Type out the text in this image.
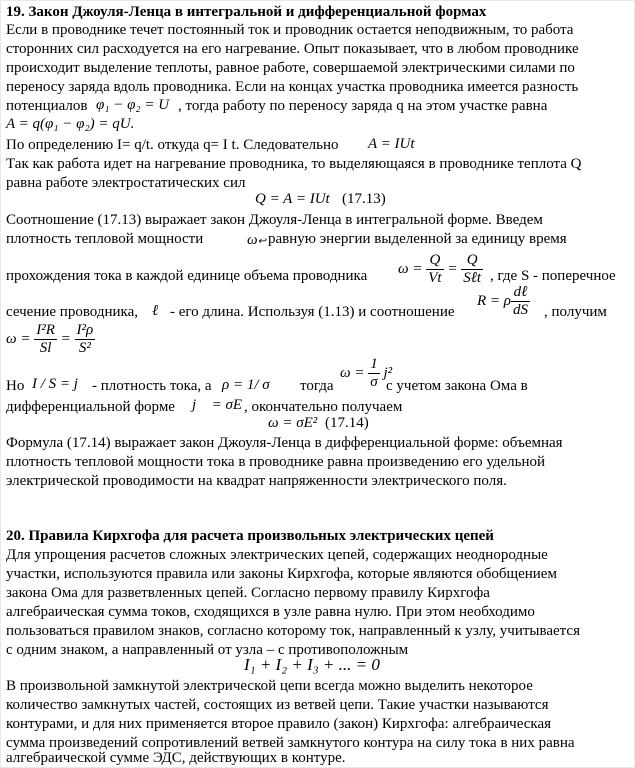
19. Закон Джоуля-Ленца в интегральной и дифференциальной формах
Если в проводнике течет постоянный ток и проводник остается неподвижным, то работа
сторонних сил расходуется на его нагревание. Опыт показывает, что в любом проводнике
происходит выделение теплоты, равное работе, совершаемой электрическими силами по
переносу заряда вдоль проводника. Если на концах участка проводника имеется разность
потенциалов φ₁ − φ₂ = U , тогда работу по переносу заряда q на этом участке равна
A = q(φ₁ − φ₂) = qU.
По определению I= q/t. откуда q= I t. Следовательно	A = IUt
Так как работа идет на нагревание проводника, то выделяющаяся в проводнике теплота Q
равна работе электростатических сил
Q = A = IUt (17.13)
Соотношение (17.13) выражает закон Джоуля-Ленца в интегральной форме. Введем
плотность тепловой мощности	ω↩ равную энергии выделенной за единицу время
прохождения тока в каждой единице объема проводника	$\omega = \frac{Q}{Vt}$ =
Q
Sℓt , где S - поперечное
R = ρ
dℓ
dS
сечение проводника, ℓ - его длина. Используя (1.13) и соотношение	, получим
$\omega = \frac{\text{I²R}}{Sl} = \frac{\text{I²ρ}}{\text{S²}}$
Но I / S = j⃗ - плотность тока, а ρ = 1/ σ тогда
$\omega = \frac{1}{\sigma} j^2$
с учетом закона Ома в
дифференциальной форме	j⃗ = σE⃗
, окончательно получаем
ω = σE² (17.14)
Формула (17.14) выражает закон Джоуля-Ленца в дифференциальной форме: объемная
плотность тепловой мощности тока в проводнике равна произведению его удельной
электрической проводимости на квадрат напряженности электрического поля.
20. Правила Кирхгофа для расчета произвольных электрических цепей
Для упрощения расчетов сложных электрических цепей, содержащих неоднородные
участки, используются правила или законы Кирхгофа, которые являются обобщением
закона Ома для разветвленных цепей. Согласно первому правилу Кирхгофа
алгебраическая сумма токов, сходящихся в узле равна нулю. При этом необходимо
пользоваться правилом знаков, согласно которому ток, направленный к узлу, учитывается
с одним знаком, а направленный от узла – с противоположным
I₁ + I₂ + I₃ + ... = 0
В произвольной замкнутой электрической цепи всегда можно выделить некоторое
количество замкнутых частей, состоящих из ветвей цепи. Такие участки называются
контурами, и для них применяется второе правило (закон) Кирхгофа: алгебраическая
сумма произведений сопротивлений ветвей замкнутого контура на силу тока в них равна
алгебраической сумме ЭДС, действующих в контуре.
